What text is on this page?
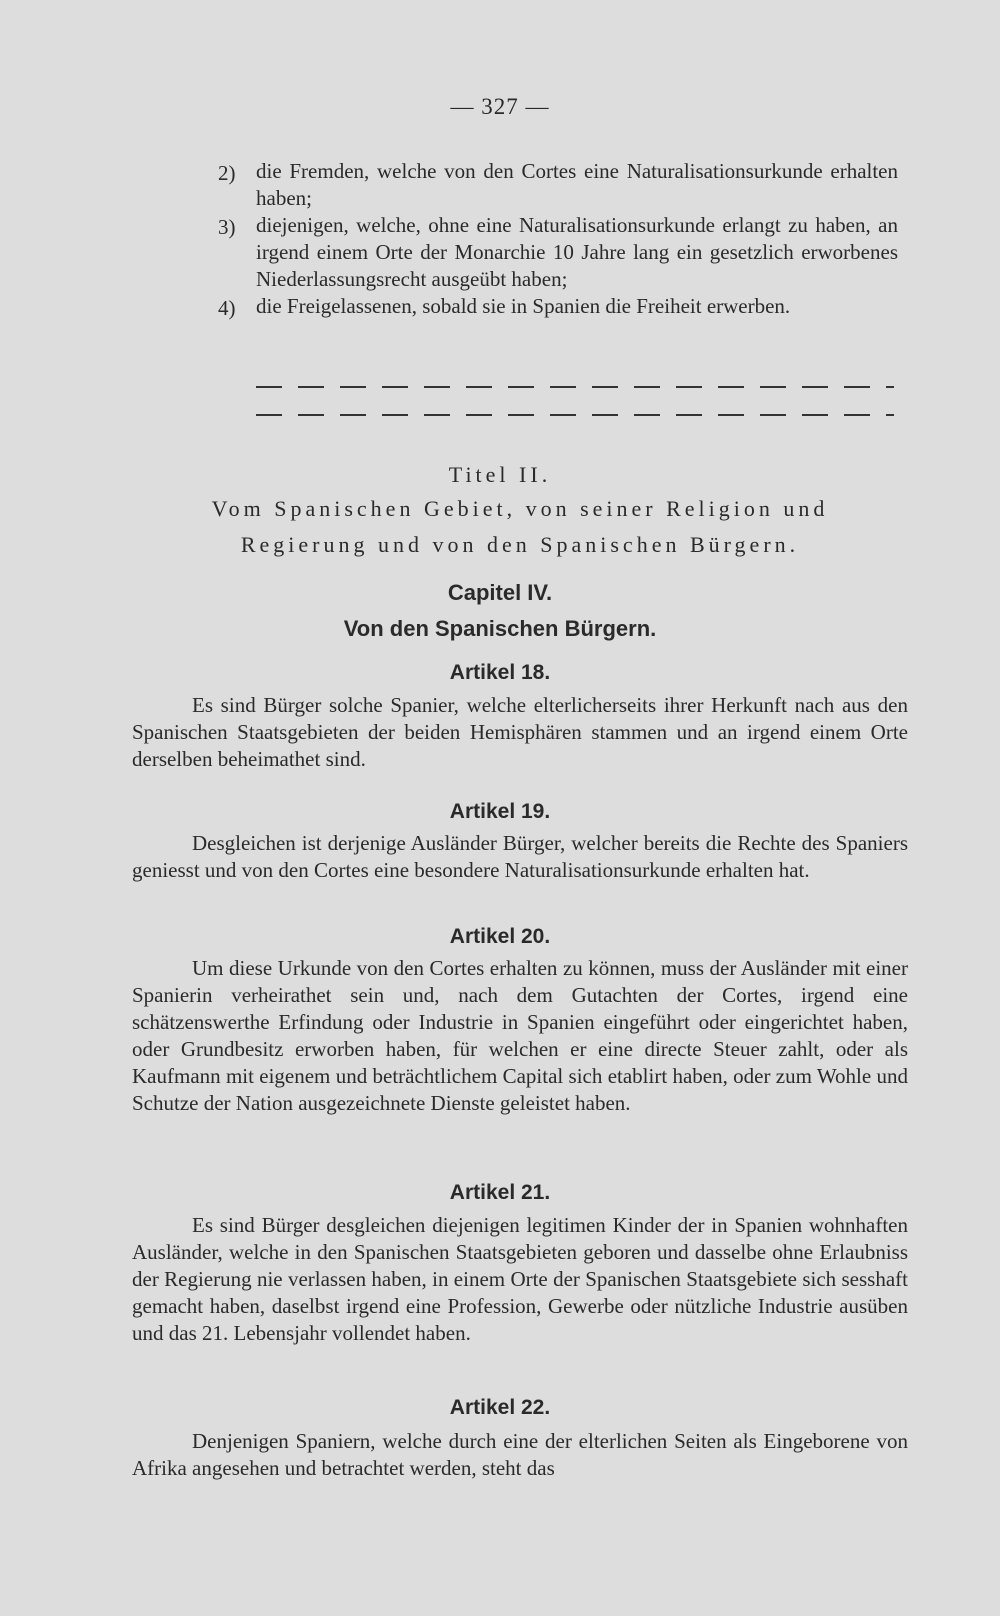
— 327 —

2) die Fremden, welche von den Cortes eine Naturalisationsurkunde erhalten haben;

3) diejenigen, welche, ohne eine Naturalisationsurkunde erlangt zu haben, an irgend einem Orte der Monarchie 10 Jahre lang ein gesetzlich erworbenes Niederlassungsrecht ausgeübt haben;

4) die Freigelassenen, sobald sie in Spanien die Freiheit erwerben.

Titel II.
Vom Spanischen Gebiet, von seiner Religion und
Regierung und von den Spanischen Bürgern.
Capitel IV.
Von den Spanischen Bürgern.
Artikel 18.
Es sind Bürger solche Spanier, welche elterlicherseits ihrer Herkunft nach aus den Spanischen Staatsgebieten der beiden Hemisphären stammen und an irgend einem Orte derselben beheimathet sind.
Artikel 19.
Desgleichen ist derjenige Ausländer Bürger, welcher bereits die Rechte des Spaniers geniesst und von den Cortes eine besondere Naturalisationsurkunde erhalten hat.
Artikel 20.
Um diese Urkunde von den Cortes erhalten zu können, muss der Ausländer mit einer Spanierin verheirathet sein und, nach dem Gutachten der Cortes, irgend eine schätzenswerthe Erfindung oder Industrie in Spanien eingeführt oder eingerichtet haben, oder Grundbesitz erworben haben, für welchen er eine directe Steuer zahlt, oder als Kaufmann mit eigenem und beträchtlichem Capital sich etablirt haben, oder zum Wohle und Schutze der Nation ausgezeichnete Dienste geleistet haben.
Artikel 21.
Es sind Bürger desgleichen diejenigen legitimen Kinder der in Spanien wohnhaften Ausländer, welche in den Spanischen Staatsgebieten geboren und dasselbe ohne Erlaubniss der Regierung nie verlassen haben, in einem Orte der Spanischen Staatsgebiete sich sesshaft gemacht haben, daselbst irgend eine Profession, Gewerbe oder nützliche Industrie ausüben und das 21. Lebensjahr vollendet haben.
Artikel 22.
Denjenigen Spaniern, welche durch eine der elterlichen Seiten als Eingeborene von Afrika angesehen und betrachtet werden, steht das
